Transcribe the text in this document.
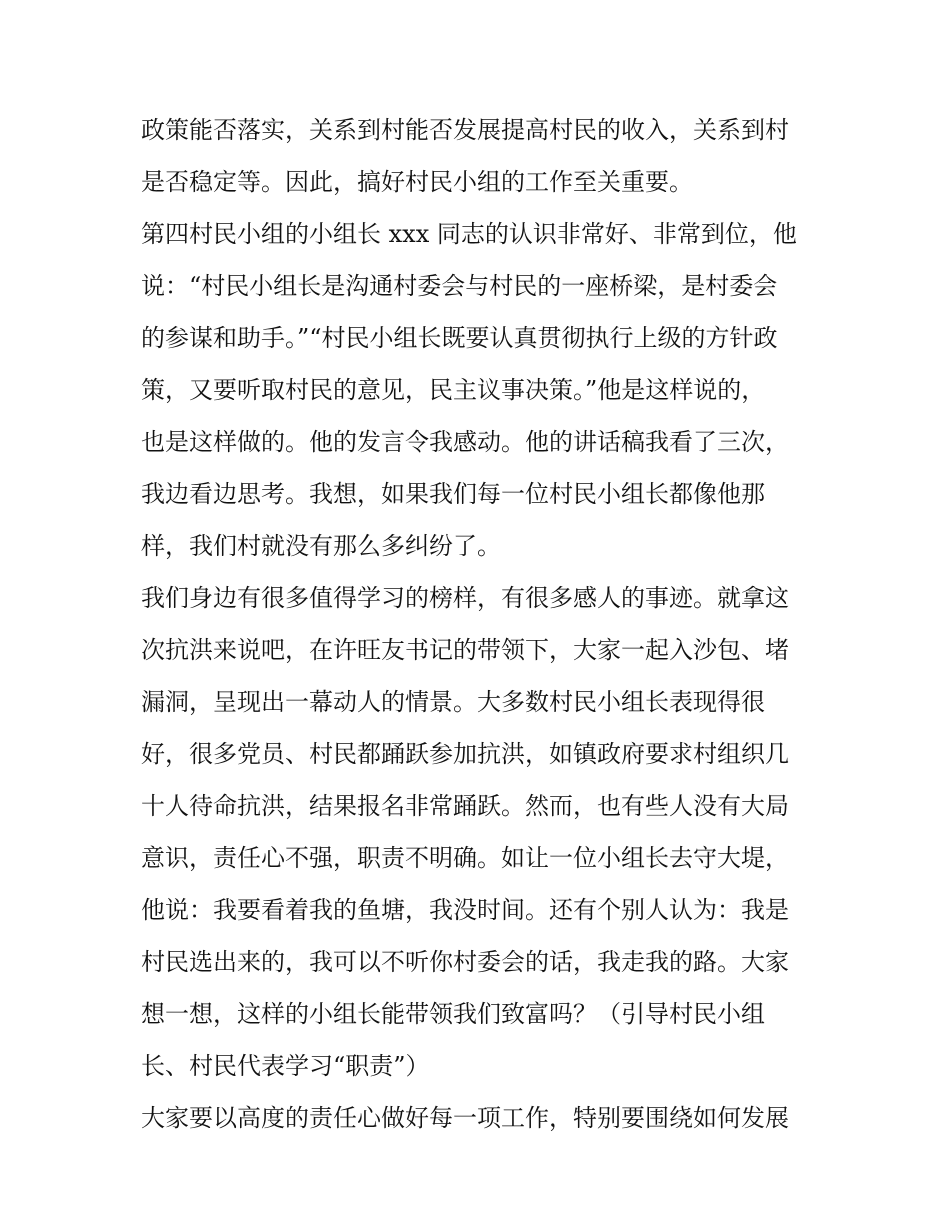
政策能否落实，关系到村能否发展提高村民的收入，关系到村
是否稳定等。因此，搞好村民小组的工作至关重要。
第四村民小组的小组长 xxx 同志的认识非常好、非常到位，他
说：“村民小组长是沟通村委会与村民的一座桥梁，是村委会
的参谋和助手。”“村民小组长既要认真贯彻执行上级的方针政
策，又要听取村民的意见，民主议事决策。”他是这样说的，
也是这样做的。他的发言令我感动。他的讲话稿我看了三次，
我边看边思考。我想，如果我们每一位村民小组长都像他那
样，我们村就没有那么多纠纷了。
我们身边有很多值得学习的榜样，有很多感人的事迹。就拿这
次抗洪来说吧，在许旺友书记的带领下，大家一起入沙包、堵
漏洞，呈现出一幕动人的情景。大多数村民小组长表现得很
好，很多党员、村民都踊跃参加抗洪，如镇政府要求村组织几
十人待命抗洪，结果报名非常踊跃。然而，也有些人没有大局
意识，责任心不强，职责不明确。如让一位小组长去守大堤，
他说：我要看着我的鱼塘，我没时间。还有个别人认为：我是
村民选出来的，我可以不听你村委会的话，我走我的路。大家
想一想，这样的小组长能带领我们致富吗？（引导村民小组
长、村民代表学习“职责”）
大家要以高度的责任心做好每一项工作，特别要围绕如何发展
